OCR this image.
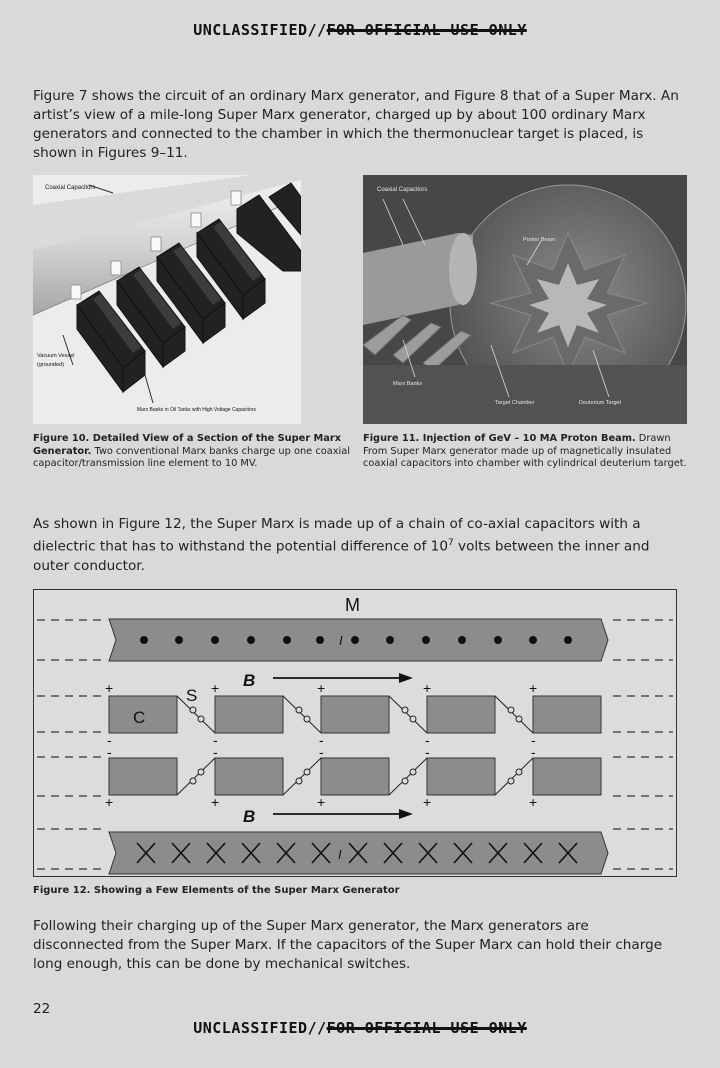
UNCLASSIFIED//FOR OFFICIAL USE ONLY
Figure 7 shows the circuit of an ordinary Marx generator, and Figure 8 that of a Super Marx. An artist’s view of a mile-long Super Marx generator, charged up by about 100 ordinary Marx generators and connected to the chamber in which the thermonuclear target is placed, is shown in Figures 9–11.
Coaxial Capacitors
Vacuum Vessel
(grounded)
Marx Banks in Oil Tanks with High Voltage Capacitors
Coaxial Capacitors
Proton Beam
Marx Banks
Target Chamber	Deuterium Target
Figure 10. Detailed View of a Section of the Super Marx Generator. Two conventional Marx banks charge up one coaxial capacitor/transmission line element to 10 MV.
Figure 11. Injection of GeV – 10 MA Proton Beam. Drawn From Super Marx generator made up of magnetically insulated coaxial capacitors into chamber with cylindrical deuterium target.
As shown in Figure 12, the Super Marx is made up of a chain of co-axial capacitors with a dielectric that has to withstand the potential difference of $10^7$ volts between the inner and outer conductor.
I
M
B
B
C
S
+	+	+	+	+
-	-	-	-	-
-	-	-	-	-
+	+	+	+	+
I
Figure 12. Showing a Few Elements of the Super Marx Generator
Following their charging up of the Super Marx generator, the Marx generators are disconnected from the Super Marx. If the capacitors of the Super Marx can hold their charge long enough, this can be done by mechanical switches.
22
UNCLASSIFIED//FOR OFFICIAL USE ONLY
